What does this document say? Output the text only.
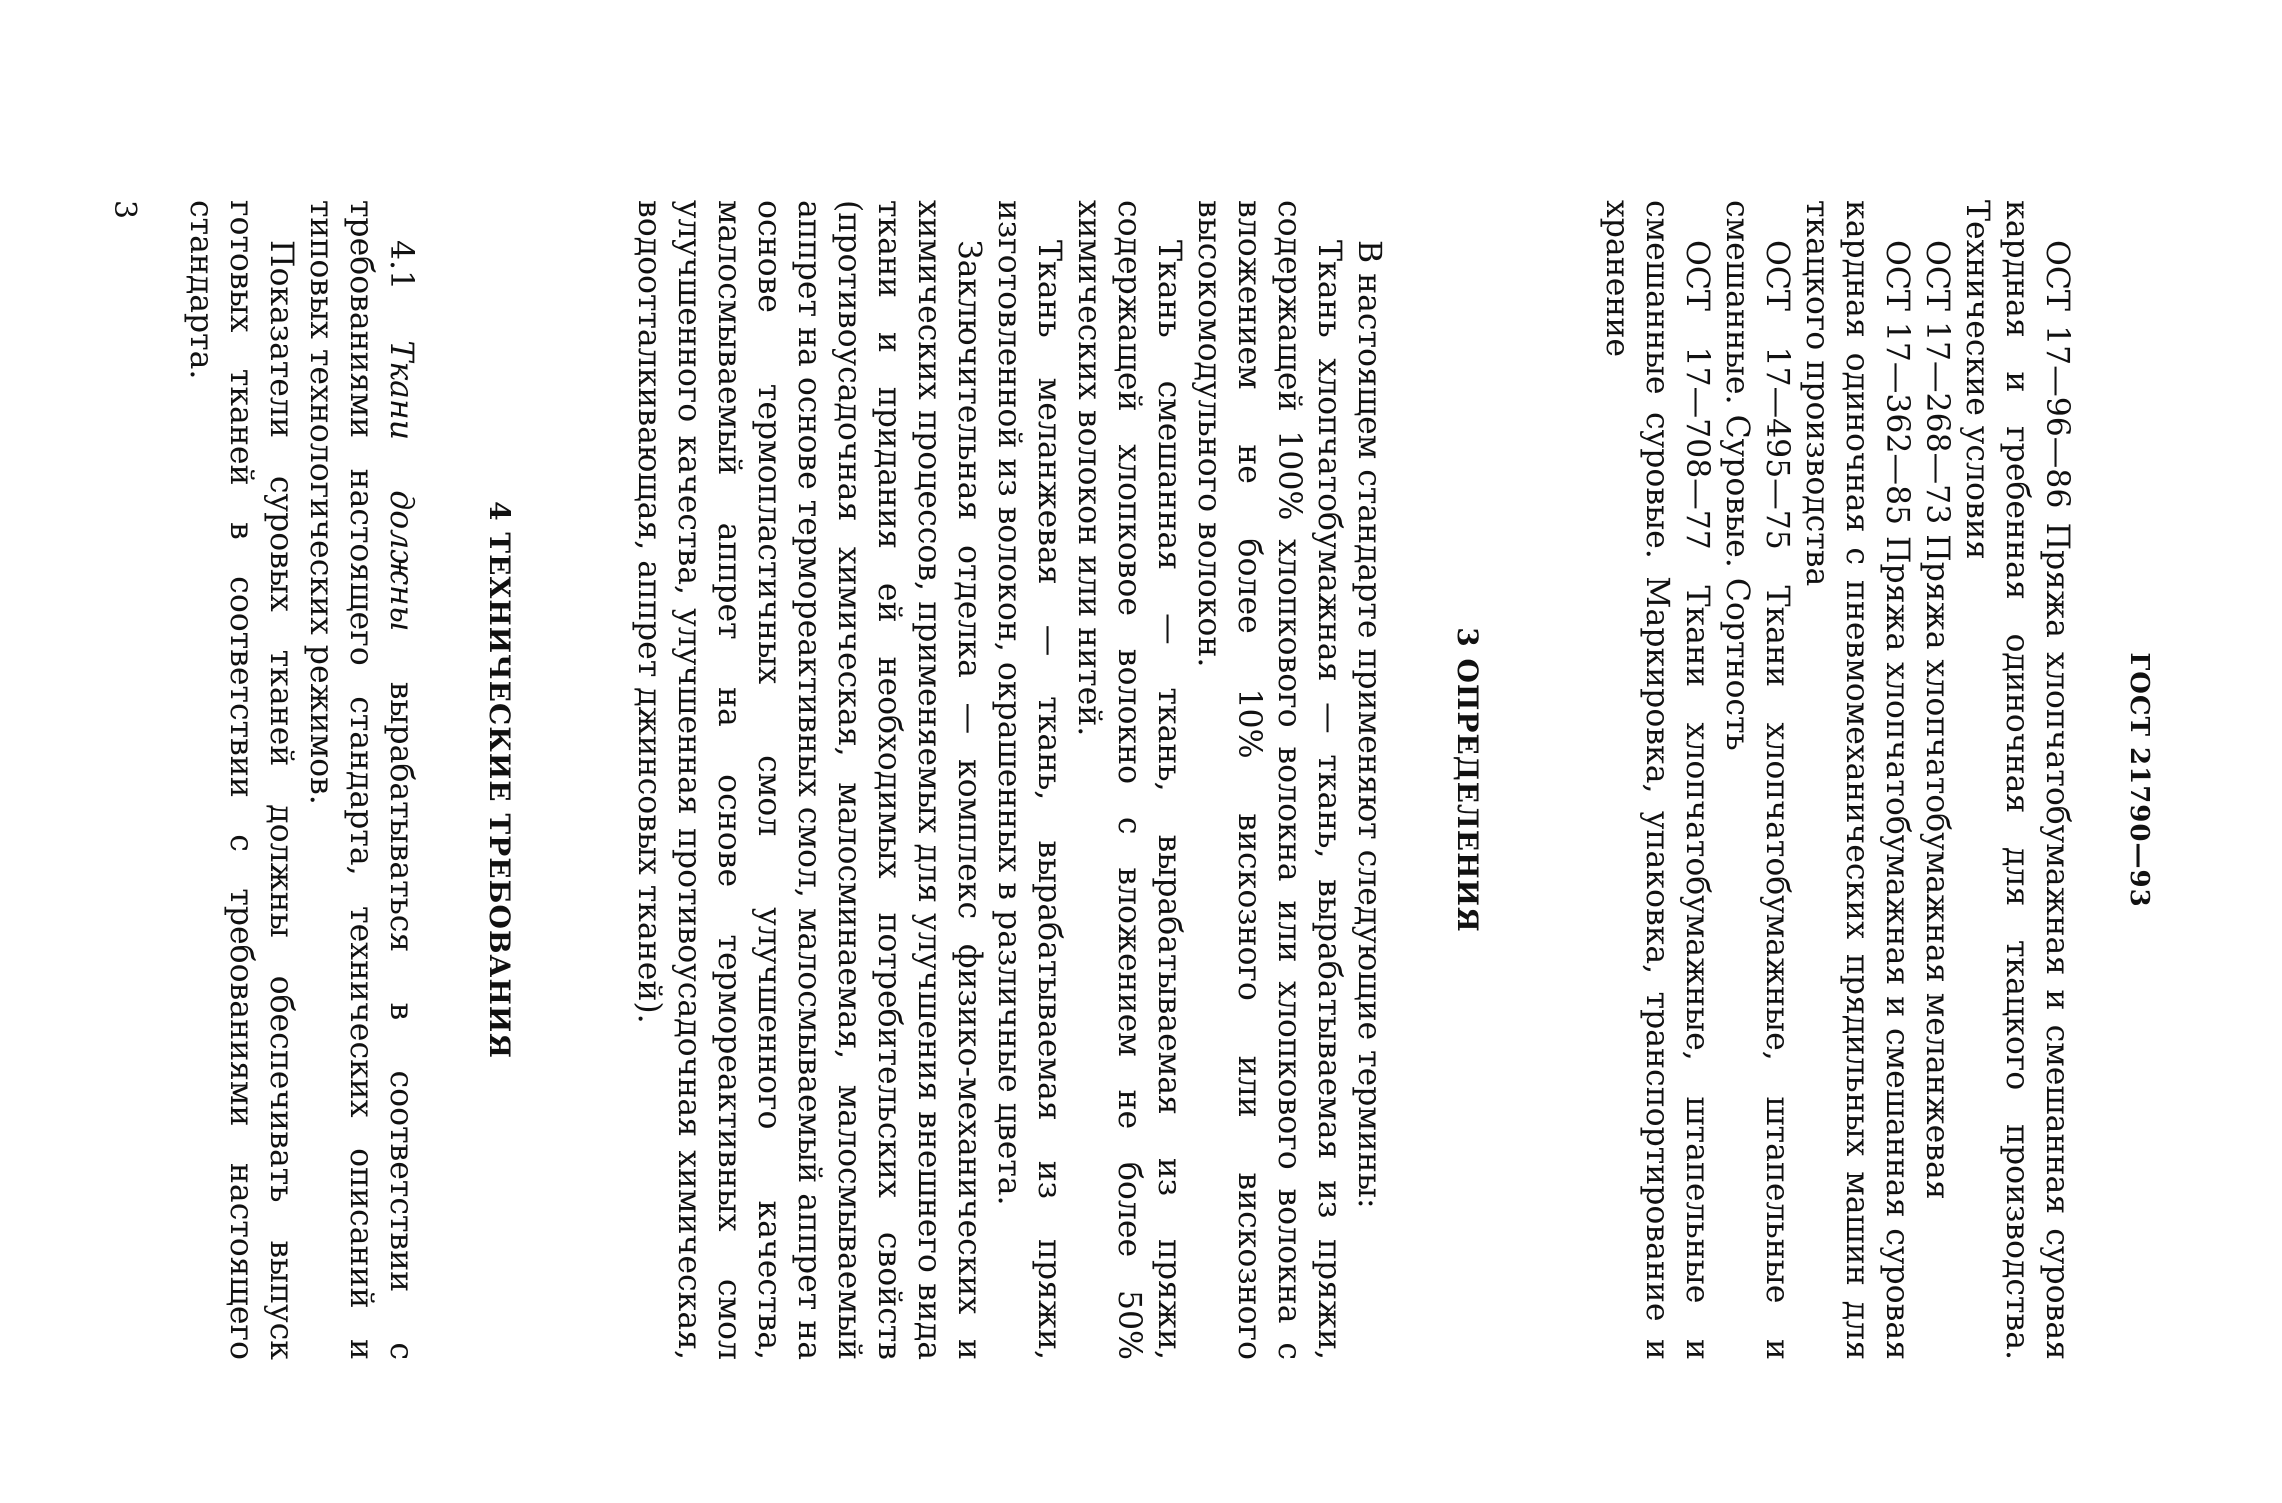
ГОСТ 21790—93

ОСТ 17—96—86 Пряжа хлопчатобумажная и смешанная суровая кардная и гребенная одиночная для ткацкого производства. Технические условия

ОСТ 17—268—73 Пряжа хлопчатобумажная меланжевая

ОСТ 17—362—85 Пряжа хлопчатобумажная и смешанная суровая кардная одиночная с пневмомеханических прядильных машин для ткацкого производства

ОСТ 17—495—75 Ткани хлопчатобумажные, штапельные и смешанные. Суровые. Сортность

ОСТ 17—708—77 Ткани хлопчатобумажные, штапельные и смешанные суровые. Маркировка, упаковка, транспортирование и хранение

3 ОПРЕДЕЛЕНИЯ

В настоящем стандарте применяют следующие термины:

Ткань хлопчатобумажная — ткань, вырабатываемая из пряжи, содержащей 100% хлопкового волокна или хлопкового волокна с вложением не более 10% вискозного или вискозного высокомодульного волокон.

Ткань смешанная — ткань, вырабатываемая из пряжи, содержащей хлопковое волокно с вложением не более 50% химических волокон или нитей.

Ткань меланжевая — ткань, вырабатываемая из пряжи, изготовленной из волокон, окрашенных в различные цвета.

Заключительная отделка — комплекс физико-механических и химических процессов, применяемых для улучшения внешнего вида ткани и придания ей необходимых потребительских свойств (противоусадочная химическая, малосминаемая, малосмываемый аппрет на основе термореактивных смол, малосмываемый аппрет на основе термопластичных смол улучшенного качества, малосмываемый аппрет на основе термореактивных смол улучшенного качества, улучшенная противоусадочная химическая, водоотталкивающая, аппрет джинсовых тканей).

4 ТЕХНИЧЕСКИЕ ТРЕБОВАНИЯ

4.1 Ткани должны вырабатываться в соответствии с требованиями настоящего стандарта, технических описаний и типовых технологических режимов.

Показатели суровых тканей должны обеспечивать выпуск готовых тканей в соответствии с требованиями настоящего стандарта.

3
